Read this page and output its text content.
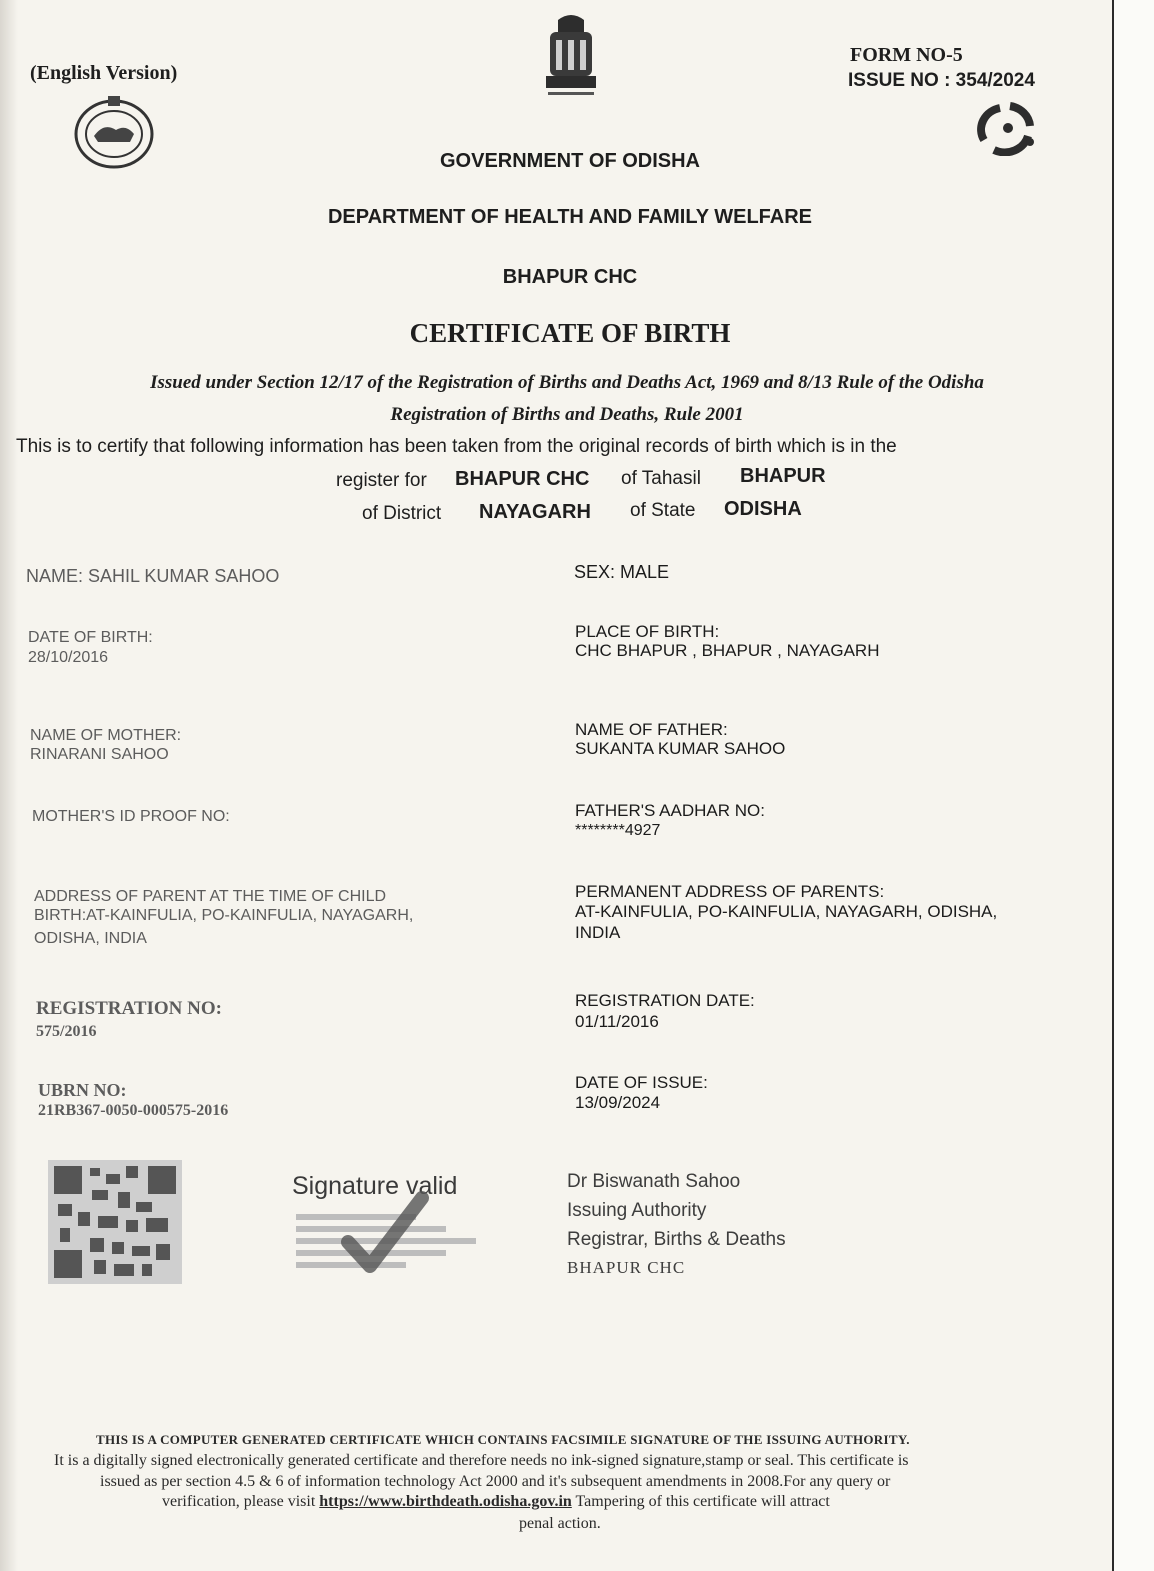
(English Version)
FORM NO-5
ISSUE NO : 354/2024
GOVERNMENT OF ODISHA
DEPARTMENT OF HEALTH AND FAMILY WELFARE
BHAPUR CHC
CERTIFICATE OF BIRTH
Issued under Section 12/17 of the Registration of Births and Deaths Act, 1969 and 8/13 Rule of the Odisha
Registration of Births and Deaths, Rule 2001
This is to certify that following information has been taken from the original records of birth which is in the
register for BHAPUR CHC of Tahasil BHAPUR
of District NAYAGARH of State ODISHA
NAME: SAHIL KUMAR SAHOO
DATE OF BIRTH:
28/10/2016
NAME OF MOTHER:
RINARANI SAHOO
MOTHER'S ID PROOF NO:
ADDRESS OF PARENT AT THE TIME OF CHILD
BIRTH:AT-KAINFULIA, PO-KAINFULIA, NAYAGARH,
ODISHA, INDIA
REGISTRATION NO:
575/2016
UBRN NO:
21RB367-0050-000575-2016
SEX: MALE
PLACE OF BIRTH:
CHC BHAPUR , BHAPUR , NAYAGARH
NAME OF FATHER:
SUKANTA KUMAR SAHOO
FATHER'S AADHAR NO:
********4927
PERMANENT ADDRESS OF PARENTS:
AT-KAINFULIA, PO-KAINFULIA, NAYAGARH, ODISHA,
INDIA
REGISTRATION DATE:
01/11/2016
DATE OF ISSUE:
13/09/2024
Signature valid	Dr Biswanath Sahoo
Issuing Authority
Registrar, Births & Deaths
BHAPUR CHC
THIS IS A COMPUTER GENERATED CERTIFICATE WHICH CONTAINS FACSIMILE SIGNATURE OF THE ISSUING AUTHORITY.
It is a digitally signed electronically generated certificate and therefore needs no ink-signed signature,stamp or seal. This certificate is
issued as per section 4.5 & 6 of information technology Act 2000 and it's subsequent amendments in 2008.For any query or
verification, please visit https://www.birthdeath.odisha.gov.in Tampering of this certificate will attract
penal action.
